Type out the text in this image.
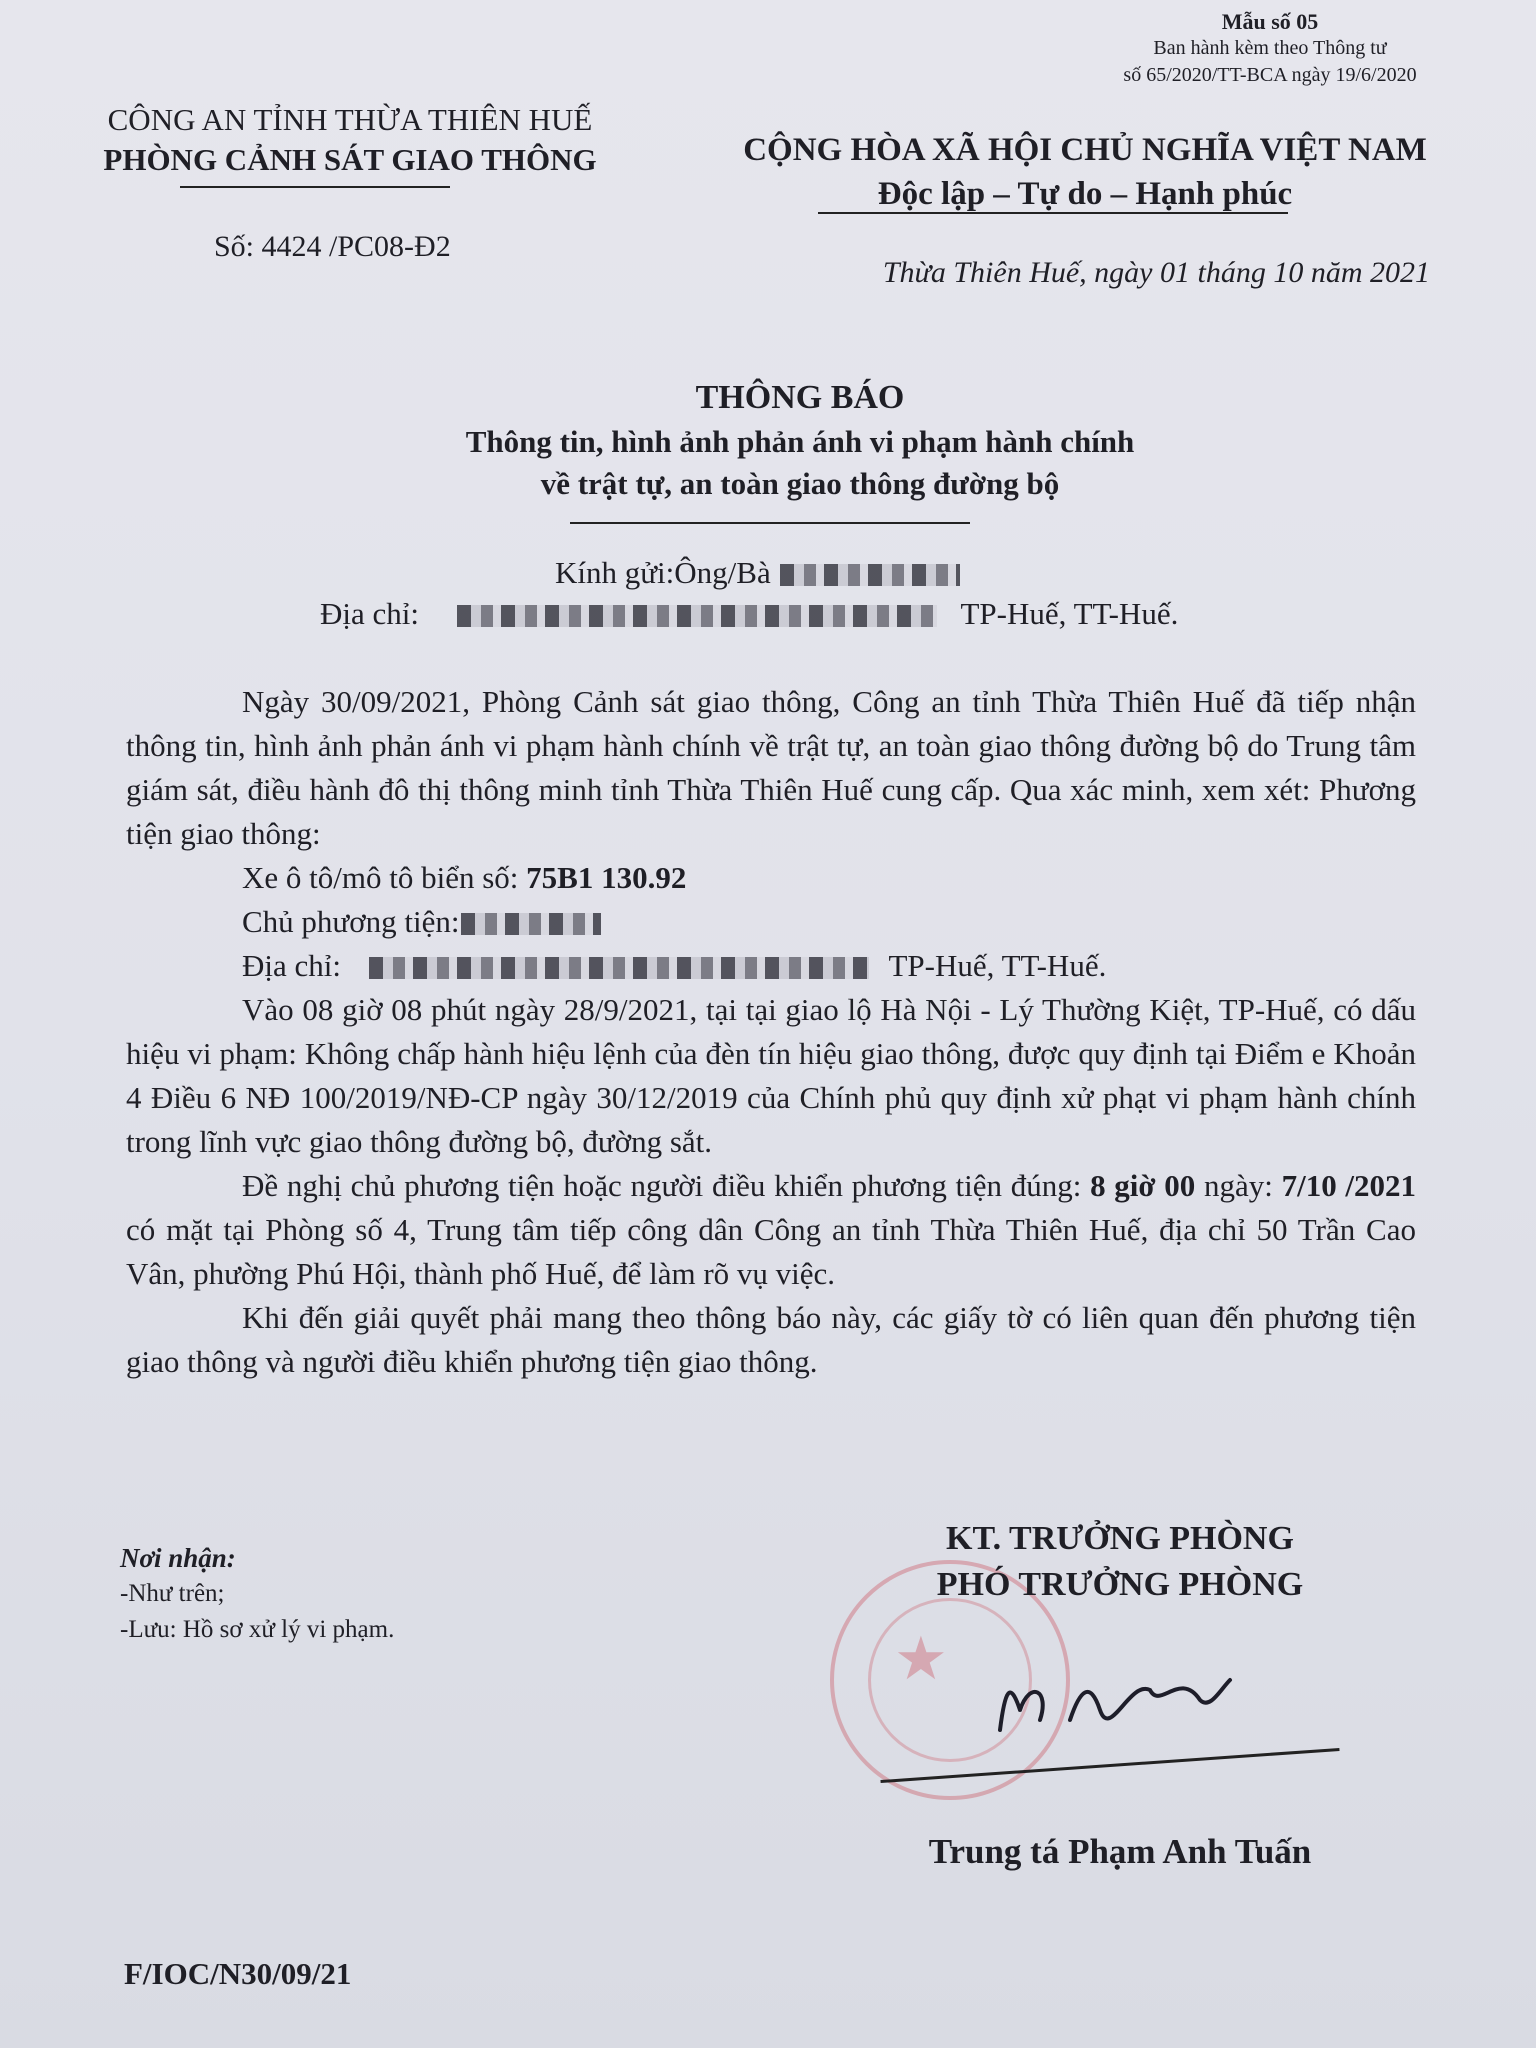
Mẫu số 05
Ban hành kèm theo Thông tư
số 65/2020/TT-BCA ngày 19/6/2020
CÔNG AN TỈNH THỪA THIÊN HUẾ
PHÒNG CẢNH SÁT GIAO THÔNG
Số: 4424 /PC08-Đ2
CỘNG HÒA XÃ HỘI CHỦ NGHĨA VIỆT NAM
Độc lập – Tự do – Hạnh phúc
Thừa Thiên Huế, ngày 01 tháng 10 năm 2021
THÔNG BÁO
Thông tin, hình ảnh phản ánh vi phạm hành chính
về trật tự, an toàn giao thông đường bộ
Kính gửi:Ông/Bà
Địa chỉ:	TP-Huế, TT-Huế.

Ngày 30/09/2021, Phòng Cảnh sát giao thông, Công an tỉnh Thừa Thiên Huế đã tiếp nhận thông tin, hình ảnh phản ánh vi phạm hành chính về trật tự, an toàn giao thông đường bộ do Trung tâm giám sát, điều hành đô thị thông minh tỉnh Thừa Thiên Huế cung cấp. Qua xác minh, xem xét: Phương tiện giao thông:

Xe ô tô/mô tô biển số: 75B1 130.92

Chủ phương tiện:

Địa chỉ:	TP-Huế, TT-Huế.

Vào 08 giờ 08 phút ngày 28/9/2021, tại tại giao lộ Hà Nội - Lý Thường Kiệt, TP-Huế, có dấu hiệu vi phạm: Không chấp hành hiệu lệnh của đèn tín hiệu giao thông, được quy định tại Điểm e Khoản 4 Điều 6 NĐ 100/2019/NĐ-CP ngày 30/12/2019 của Chính phủ quy định xử phạt vi phạm hành chính trong lĩnh vực giao thông đường bộ, đường sắt.

Đề nghị chủ phương tiện hoặc người điều khiển phương tiện đúng: 8 giờ 00 ngày: 7/10 /2021 có mặt tại Phòng số 4, Trung tâm tiếp công dân Công an tỉnh Thừa Thiên Huế, địa chỉ 50 Trần Cao Vân, phường Phú Hội, thành phố Huế, để làm rõ vụ việc.

Khi đến giải quyết phải mang theo thông báo này, các giấy tờ có liên quan đến phương tiện giao thông và người điều khiển phương tiện giao thông.

Nơi nhận:
-Như trên;
-Lưu: Hồ sơ xử lý vi phạm.	★
KT. TRƯỞNG PHÒNG
PHÓ TRƯỞNG PHÒNG
Trung tá Phạm Anh Tuấn
F/IOC/N30/09/21
